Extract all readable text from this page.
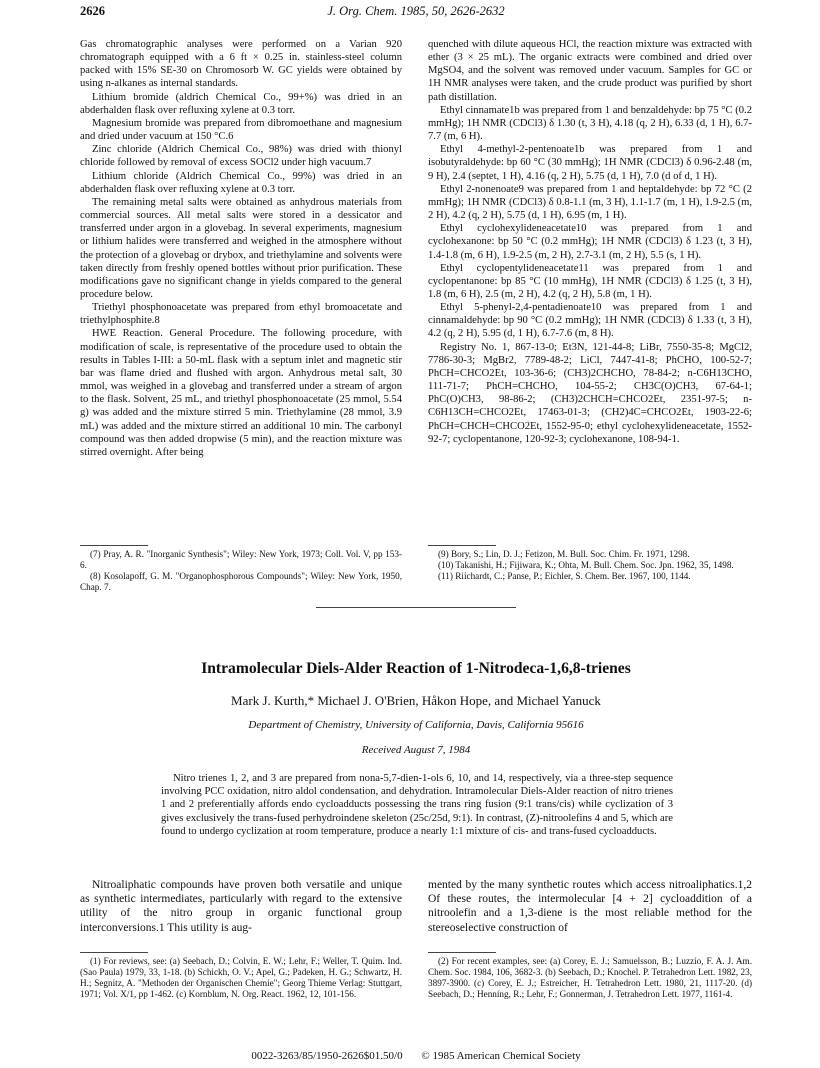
2626	J. Org. Chem. 1985, 50, 2626-2632

Gas chromatographic analyses were performed on a Varian 920 chromatograph equipped with a 6 ft × 0.25 in. stainless-steel column packed with 15% SE-30 on Chromosorb W. GC yields were obtained by using n-alkanes as internal standards.

Lithium bromide (aldrich Chemical Co., 99+%) was dried in an abderhalden flask over refluxing xylene at 0.3 torr.

Magnesium bromide was prepared from dibromoethane and magnesium and dried under vacuum at 150 °C.6

Zinc chloride (Aldrich Chemical Co., 98%) was dried with thionyl chloride followed by removal of excess SOCl2 under high vacuum.7

Lithium chloride (Aldrich Chemical Co., 99%) was dried in an abderhalden flask over refluxing xylene at 0.3 torr.

The remaining metal salts were obtained as anhydrous materials from commercial sources. All metal salts were stored in a dessicator and transferred under argon in a glovebag. In several experiments, magnesium or lithium halides were transferred and weighed in the atmosphere without the protection of a glovebag or drybox, and triethylamine and solvents were taken directly from freshly opened bottles without prior purification. These modifications gave no significant change in yields compared to the general procedure below.

Triethyl phosphonoacetate was prepared from ethyl bromoacetate and triethylphosphite.8

HWE Reaction. General Procedure. The following procedure, with modification of scale, is representative of the procedure used to obtain the results in Tables I-III: a 50-mL flask with a septum inlet and magnetic stir bar was flame dried and flushed with argon. Anhydrous metal salt, 30 mmol, was weighed in a glovebag and transferred under a stream of argon to the flask. Solvent, 25 mL, and triethyl phosphonoacetate (25 mmol, 5.54 g) was added and the mixture stirred 5 min. Triethylamine (28 mmol, 3.9 mL) was added and the mixture stirred an additional 10 min. The carbonyl compound was then added dropwise (5 min), and the reaction mixture was stirred overnight. After being

quenched with dilute aqueous HCl, the reaction mixture was extracted with ether (3 × 25 mL). The organic extracts were combined and dried over MgSO4, and the solvent was removed under vacuum. Samples for GC or 1H NMR analyses were taken, and the crude product was purified by short path distillation.

Ethyl cinnamate1b was prepared from 1 and benzaldehyde: bp 75 °C (0.2 mmHg); 1H NMR (CDCl3) δ 1.30 (t, 3 H), 4.18 (q, 2 H), 6.33 (d, 1 H), 6.7-7.7 (m, 6 H).

Ethyl 4-methyl-2-pentenoate1b was prepared from 1 and isobutyraldehyde: bp 60 °C (30 mmHg); 1H NMR (CDCl3) δ 0.96-2.48 (m, 9 H), 2.4 (septet, 1 H), 4.16 (q, 2 H), 5.75 (d, 1 H), 7.0 (d of d, 1 H).

Ethyl 2-nonenoate9 was prepared from 1 and heptaldehyde: bp 72 °C (2 mmHg); 1H NMR (CDCl3) δ 0.8-1.1 (m, 3 H), 1.1-1.7 (m, 1 H), 1.9-2.5 (m, 2 H), 4.2 (q, 2 H), 5.75 (d, 1 H), 6.95 (m, 1 H).

Ethyl cyclohexylideneacetate10 was prepared from 1 and cyclohexanone: bp 50 °C (0.2 mmHg); 1H NMR (CDCl3) δ 1.23 (t, 3 H), 1.4-1.8 (m, 6 H), 1.9-2.5 (m, 2 H), 2.7-3.1 (m, 2 H), 5.5 (s, 1 H).

Ethyl cyclopentylideneacetate11 was prepared from 1 and cyclopentanone: bp 85 °C (10 mmHg), 1H NMR (CDCl3) δ 1.25 (t, 3 H), 1.8 (m, 6 H), 2.5 (m, 2 H), 4.2 (q, 2 H), 5.8 (m, 1 H).

Ethyl 5-phenyl-2,4-pentadienoate10 was prepared from 1 and cinnamaldehyde: bp 90 °C (0.2 mmHg); 1H NMR (CDCl3) δ 1.33 (t, 3 H), 4.2 (q, 2 H), 5.95 (d, 1 H), 6.7-7.6 (m, 8 H).

Registry No. 1, 867-13-0; Et3N, 121-44-8; LiBr, 7550-35-8; MgCl2, 7786-30-3; MgBr2, 7789-48-2; LiCl, 7447-41-8; PhCHO, 100-52-7; PhCH=CHCO2Et, 103-36-6; (CH3)2CHCHO, 78-84-2; n-C6H13CHO, 111-71-7; PhCH=CHCHO, 104-55-2; CH3C(O)CH3, 67-64-1; PhC(O)CH3, 98-86-2; (CH3)2CHCH=CHCO2Et, 2351-97-5; n-C6H13CH=CHCO2Et, 17463-01-3; (CH2)4C=CHCO2Et, 1903-22-6; PhCH=CHCH=CHCO2Et, 1552-95-0; ethyl cyclohexylideneacetate, 1552-92-7; cyclopentanone, 120-92-3; cyclohexanone, 108-94-1.

(7) Pray, A. R. "Inorganic Synthesis"; Wiley: New York, 1973; Coll. Vol. V, pp 153-6.

(8) Kosolapoff, G. M. "Organophosphorous Compounds"; Wiley: New York, 1950, Chap. 7.

(9) Bory, S.; Lin, D. J.; Fetizon, M. Bull. Soc. Chim. Fr. 1971, 1298.

(10) Takanishi, H.; Fijiwara, K.; Ohta, M. Bull. Chem. Soc. Jpn. 1962, 35, 1498.

(11) Riichardt, C.; Panse, P.; Eichler, S. Chem. Ber. 1967, 100, 1144.

Intramolecular Diels-Alder Reaction of 1-Nitrodeca-1,6,8-trienes
Mark J. Kurth,* Michael J. O'Brien, Håkon Hope, and Michael Yanuck
Department of Chemistry, University of California, Davis, California 95616
Received August 7, 1984

Nitro trienes 1, 2, and 3 are prepared from nona-5,7-dien-1-ols 6, 10, and 14, respectively, via a three-step sequence involving PCC oxidation, nitro aldol condensation, and dehydration. Intramolecular Diels-Alder reaction of nitro trienes 1 and 2 preferentially affords endo cycloadducts possessing the trans ring fusion (9:1 trans/cis) while cyclization of 3 gives exclusively the trans-fused perhydroindene skeleton (25c/25d, 9:1). In contrast, (Z)-nitroolefins 4 and 5, which are found to undergo cyclization at room temperature, produce a nearly 1:1 mixture of cis- and trans-fused cycloadducts.

Nitroaliphatic compounds have proven both versatile and unique as synthetic intermediates, particularly with regard to the extensive utility of the nitro group in organic functional group interconversions.1 This utility is aug-

mented by the many synthetic routes which access nitroaliphatics.1,2 Of these routes, the intermolecular [4 + 2] cycloaddition of a nitroolefin and a 1,3-diene is the most reliable method for the stereoselective construction of

(1) For reviews, see: (a) Seebach, D.; Colvin, E. W.; Lehr, F.; Weller, T. Quim. Ind. (Sao Paula) 1979, 33, 1-18. (b) Schickh, O. V.; Apel, G.; Padeken, H. G.; Schwartz, H. H.; Segnitz, A. "Methoden der Organischen Chemie"; Georg Thieme Verlag: Stuttgart, 1971; Vol. X/1, pp 1-462. (c) Kornblum, N. Org. React. 1962, 12, 101-156.

(2) For recent examples, see: (a) Corey, E. J.; Samuelsson, B.; Luzzio, F. A. J. Am. Chem. Soc. 1984, 106, 3682-3. (b) Seebach, D.; Knochel. P. Tetrahedron Lett. 1982, 23, 3897-3900. (c) Corey, E. J.; Estreicher, H. Tetrahedron Lett. 1980, 21, 1117-20. (d) Seebach, D.; Henning, R.; Lehr, F.; Gonnerman, J. Tetrahedron Lett. 1977, 1161-4.

0022-3263/85/1950-2626$01.50/0 © 1985 American Chemical Society
